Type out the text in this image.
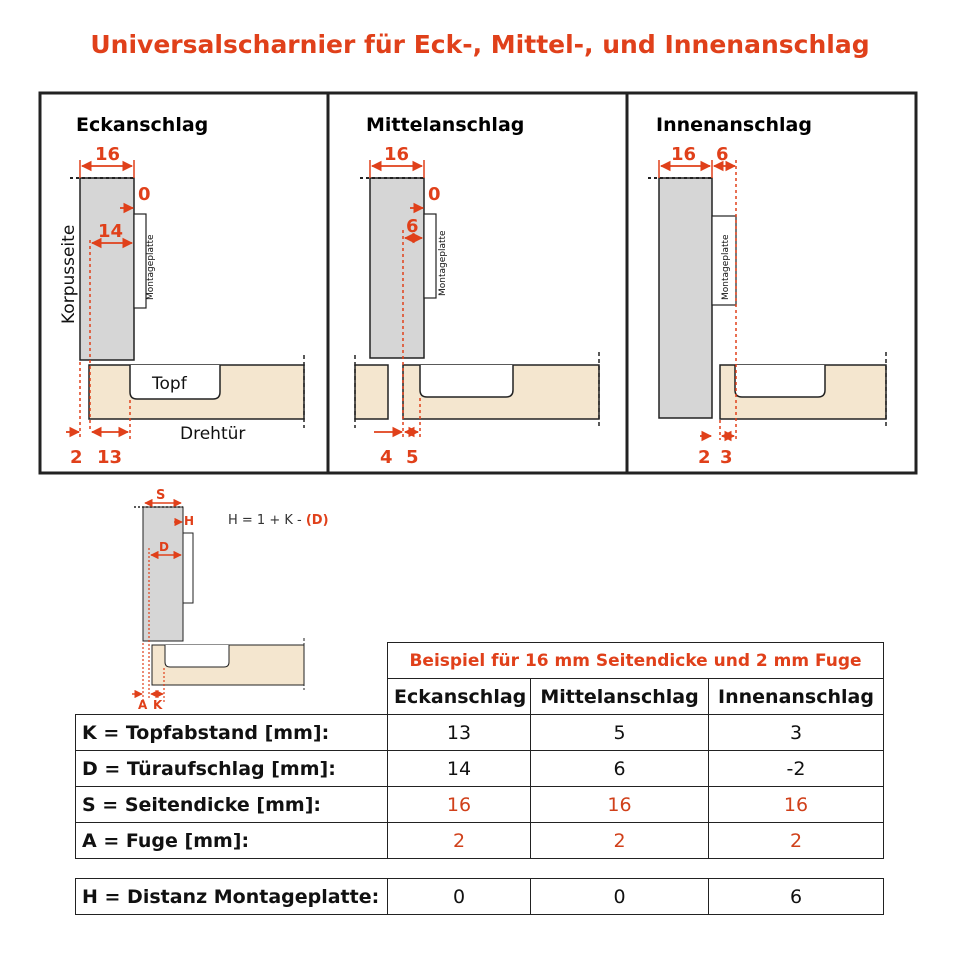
Universalscharnier für Eck-, Mittel-, und Innenanschlag
Eckanschlag
Montageplatte
Topf
Drehtür
Korpusseite
16
0
14
2 13
Mittelanschlag
Montageplatte
16
0
6
4 5
Innenanschlag
Montageplatte
16 6
2 3
S
H
D
A K
H = 1 + K - (D)
	Beispiel für 16 mm Seitendicke und 2 mm Fuge		
	Eckanschlag	Mittelanschlag	Innenanschlag
K = Topfabstand [mm]:	13	5	3
D = Türaufschlag [mm]:	14	6	-2
S = Seitendicke [mm]:	16	16	16
A = Fuge [mm]:	2	2	2
H = Distanz Montageplatte:	0	0	6
